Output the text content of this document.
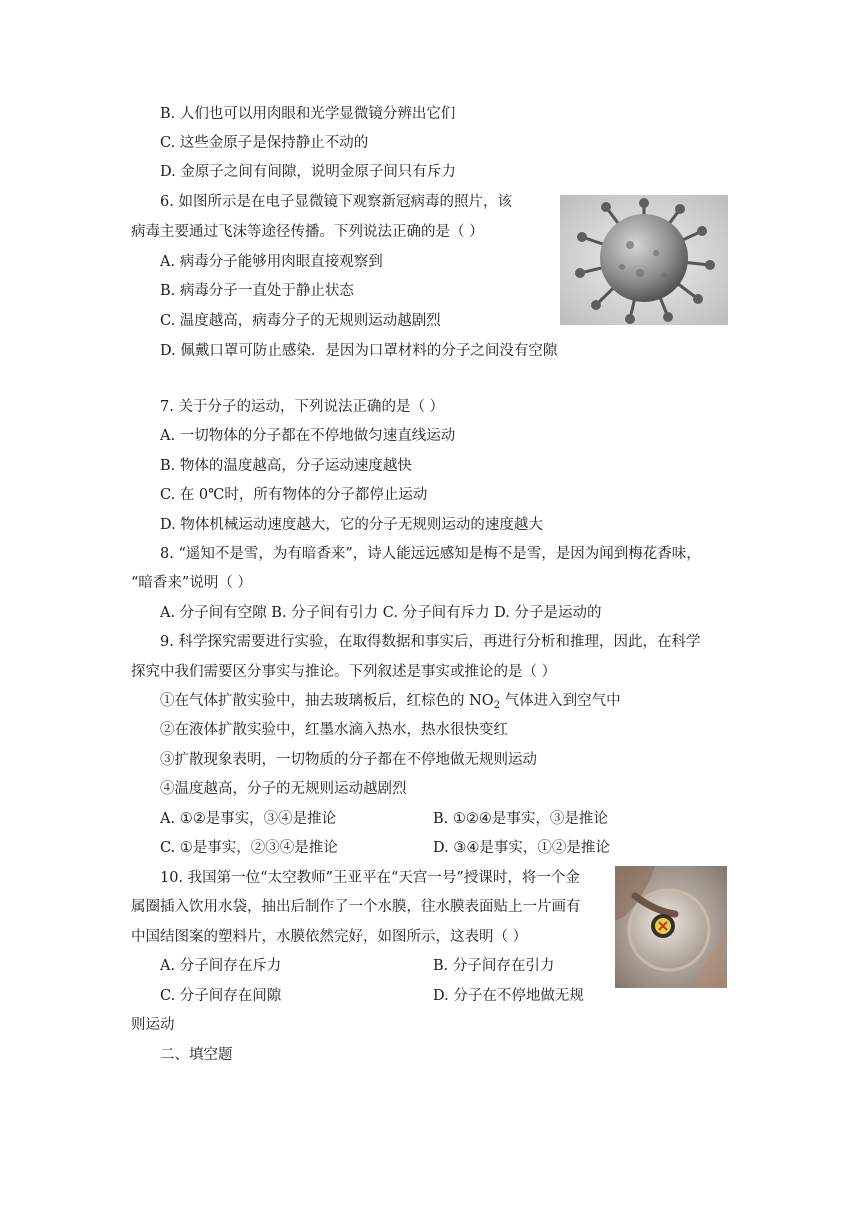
B. 人们也可以用肉眼和光学显微镜分辨出它们
C. 这些金原子是保持静止不动的
D. 金原子之间有间隙，说明金原子间只有斥力
6. 如图所示是在电子显微镜下观察新冠病毒的照片，该
病毒主要通过飞沫等途径传播。下列说法正确的是（ ）
A. 病毒分子能够用肉眼直接观察到
B. 病毒分子一直处于静止状态
C. 温度越高，病毒分子的无规则运动越剧烈
D. 佩戴口罩可防止感染．是因为口罩材料的分子之间没有空隙
7. 关于分子的运动，下列说法正确的是（ ）
A. 一切物体的分子都在不停地做匀速直线运动
B. 物体的温度越高，分子运动速度越快
C. 在 0℃时，所有物体的分子都停止运动
D. 物体机械运动速度越大，它的分子无规则运动的速度越大
8. “遥知不是雪，为有暗香来”，诗人能远远感知是梅不是雪，是因为闻到梅花香味，
“暗香来”说明（ ）
A. 分子间有空隙 B. 分子间有引力 C. 分子间有斥力 D. 分子是运动的
9. 科学探究需要进行实验，在取得数据和事实后，再进行分析和推理，因此，在科学
探究中我们需要区分事实与推论。下列叙述是事实或推论的是（ ）
①在气体扩散实验中，抽去玻璃板后，红棕色的 $NO_2$ 气体进入到空气中
②在液体扩散实验中，红墨水滴入热水，热水很快变红
③扩散现象表明，一切物质的分子都在不停地做无规则运动
④温度越高，分子的无规则运动越剧烈
A. ①②是事实，③④是推论	B. ①②④是事实，③是推论
C. ①是事实，②③④是推论	D. ③④是事实，①②是推论
10. 我国第一位“太空教师”王亚平在“天宫一号”授课时，将一个金
属圈插入饮用水袋，抽出后制作了一个水膜，往水膜表面贴上一片画有
中国结图案的塑料片，水膜依然完好，如图所示，这表明（ ）
A. 分子间存在斥力	B. 分子间存在引力
C. 分子间存在间隙	D. 分子在不停地做无规
则运动
二、填空题
